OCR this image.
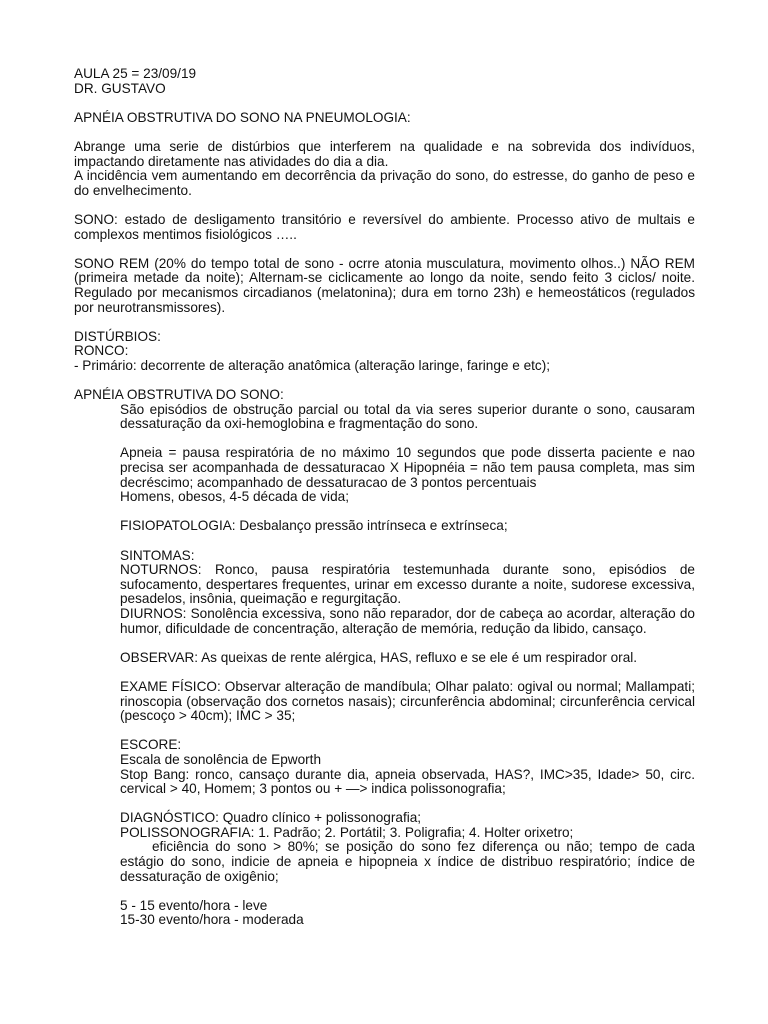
AULA 25 = 23/09/19
DR. GUSTAVO
APNÉIA OBSTRUTIVA DO SONO NA PNEUMOLOGIA:

Abrange uma serie de distúrbios que interferem na qualidade e na sobrevida dos indivíduos, impactando diretamente nas atividades do dia a dia.

A incidência vem aumentando em decorrência da privação do sono, do estresse, do ganho de peso e do envelhecimento.

SONO: estado de desligamento transitório e reversível do ambiente. Processo ativo de multais e complexos mentimos fisiológicos …..

SONO REM (20% do tempo total de sono - ocrre atonia musculatura, movimento olhos..) NÃO REM (primeira metade da noite); Alternam-se ciclicamente ao longo da noite, sendo feito 3 ciclos/ noite. Regulado por mecanismos circadianos (melatonina); dura em torno 23h) e hemeostáticos (regulados por neurotransmissores).

DISTÚRBIOS:
RONCO:
- Primário: decorrente de alteração anatômica (alteração laringe, faringe e etc);
APNÉIA OBSTRUTIVA DO SONO:

São episódios de obstrução parcial ou total da via seres superior durante o sono, causaram dessaturação da oxi-hemoglobina e fragmentação do sono.

Apneia = pausa respiratória de no máximo 10 segundos que pode disserta paciente e nao precisa ser acompanhada de dessaturacao X Hipopnéia = não tem pausa completa, mas sim decréscimo; acompanhado de dessaturacao de 3 pontos percentuais

Homens, obesos, 4-5 década de vida;

FISIOPATOLOGIA: Desbalanço pressão intrínseca e extrínseca;

SINTOMAS:

NOTURNOS: Ronco, pausa respiratória testemunhada durante sono, episódios de sufocamento, despertares frequentes, urinar em excesso durante a noite, sudorese excessiva, pesadelos, insônia, queimação e regurgitação.

DIURNOS: Sonolência excessiva, sono não reparador, dor de cabeça ao acordar, alteração do humor, dificuldade de concentração, alteração de memória, redução da libido, cansaço.

OBSERVAR: As queixas de rente alérgica, HAS, refluxo e se ele é um respirador oral.

EXAME FÍSICO: Observar alteração de mandíbula; Olhar palato: ogival ou normal; Mallampati; rinoscopia (observação dos cornetos nasais); circunferência abdominal; circunferência cervical (pescoço > 40cm); IMC > 35;

ESCORE:

Escala de sonolência de Epworth

Stop Bang: ronco, cansaço durante dia, apneia observada, HAS?, IMC>35, Idade> 50, circ. cervical > 40, Homem; 3 pontos ou + —> indica polissonografia;

DIAGNÓSTICO: Quadro clínico + polissonografia;

POLISSONOGRAFIA: 1. Padrão; 2. Portátil; 3. Poligrafia; 4. Holter orixetro;

eficiência do sono > 80%; se posição do sono fez diferença ou não; tempo de cada estágio do sono, indicie de apneia e hipopneia x índice de distribuo respiratório; índice de dessaturação de oxigênio;

5 - 15 evento/hora - leve

15-30 evento/hora - moderada
